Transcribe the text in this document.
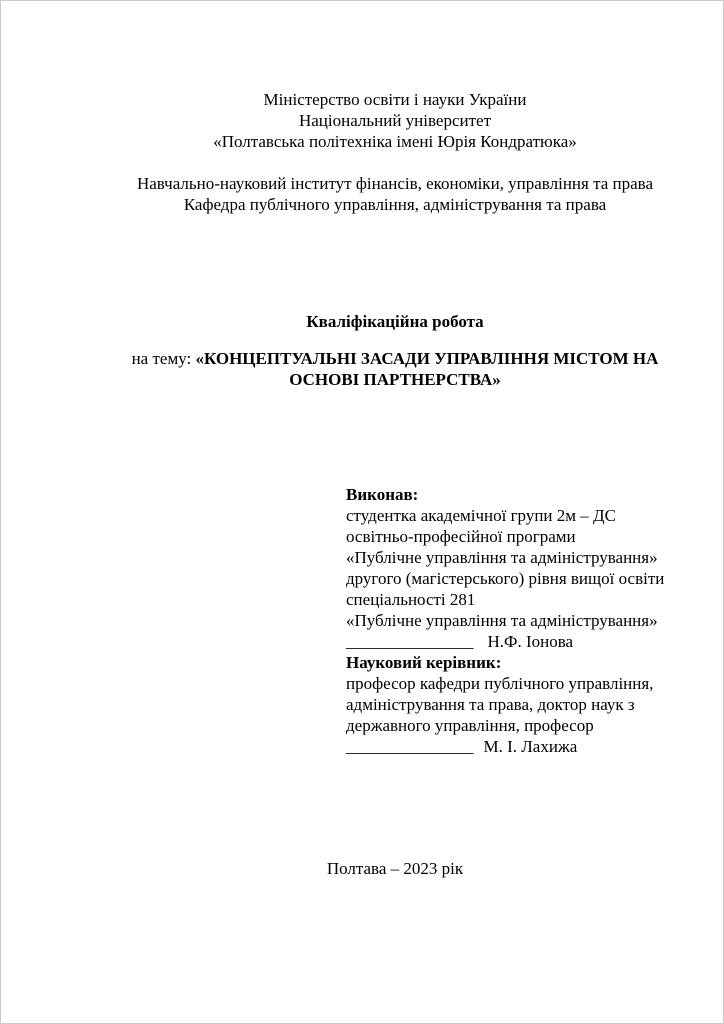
Міністерство освіти і науки України
Національний університет
«Полтавська політехніка імені Юрія Кондратюка»
Навчально-науковий інститут фінансів, економіки, управління та права
Кафедра публічного управління, адміністрування та права
Кваліфікаційна робота
на тему: «КОНЦЕПТУАЛЬНІ ЗАСАДИ УПРАВЛІННЯ МІСТОМ НА ОСНОВІ ПАРТНЕРСТВА»
Виконав:
студентка академічної групи 2м – ДС
освітньо-професійної програми
«Публічне управління та адміністрування»
другого (магістерського) рівня вищої освіти
спеціальності 281
«Публічне управління та адміністрування»
_______________ Н.Ф. Іонова
Науковий керівник:
професор кафедри публічного управління,
адміністрування та права, доктор наук з
державного управління, професор
_______________ М. І. Лахижа
Полтава – 2023 рік
